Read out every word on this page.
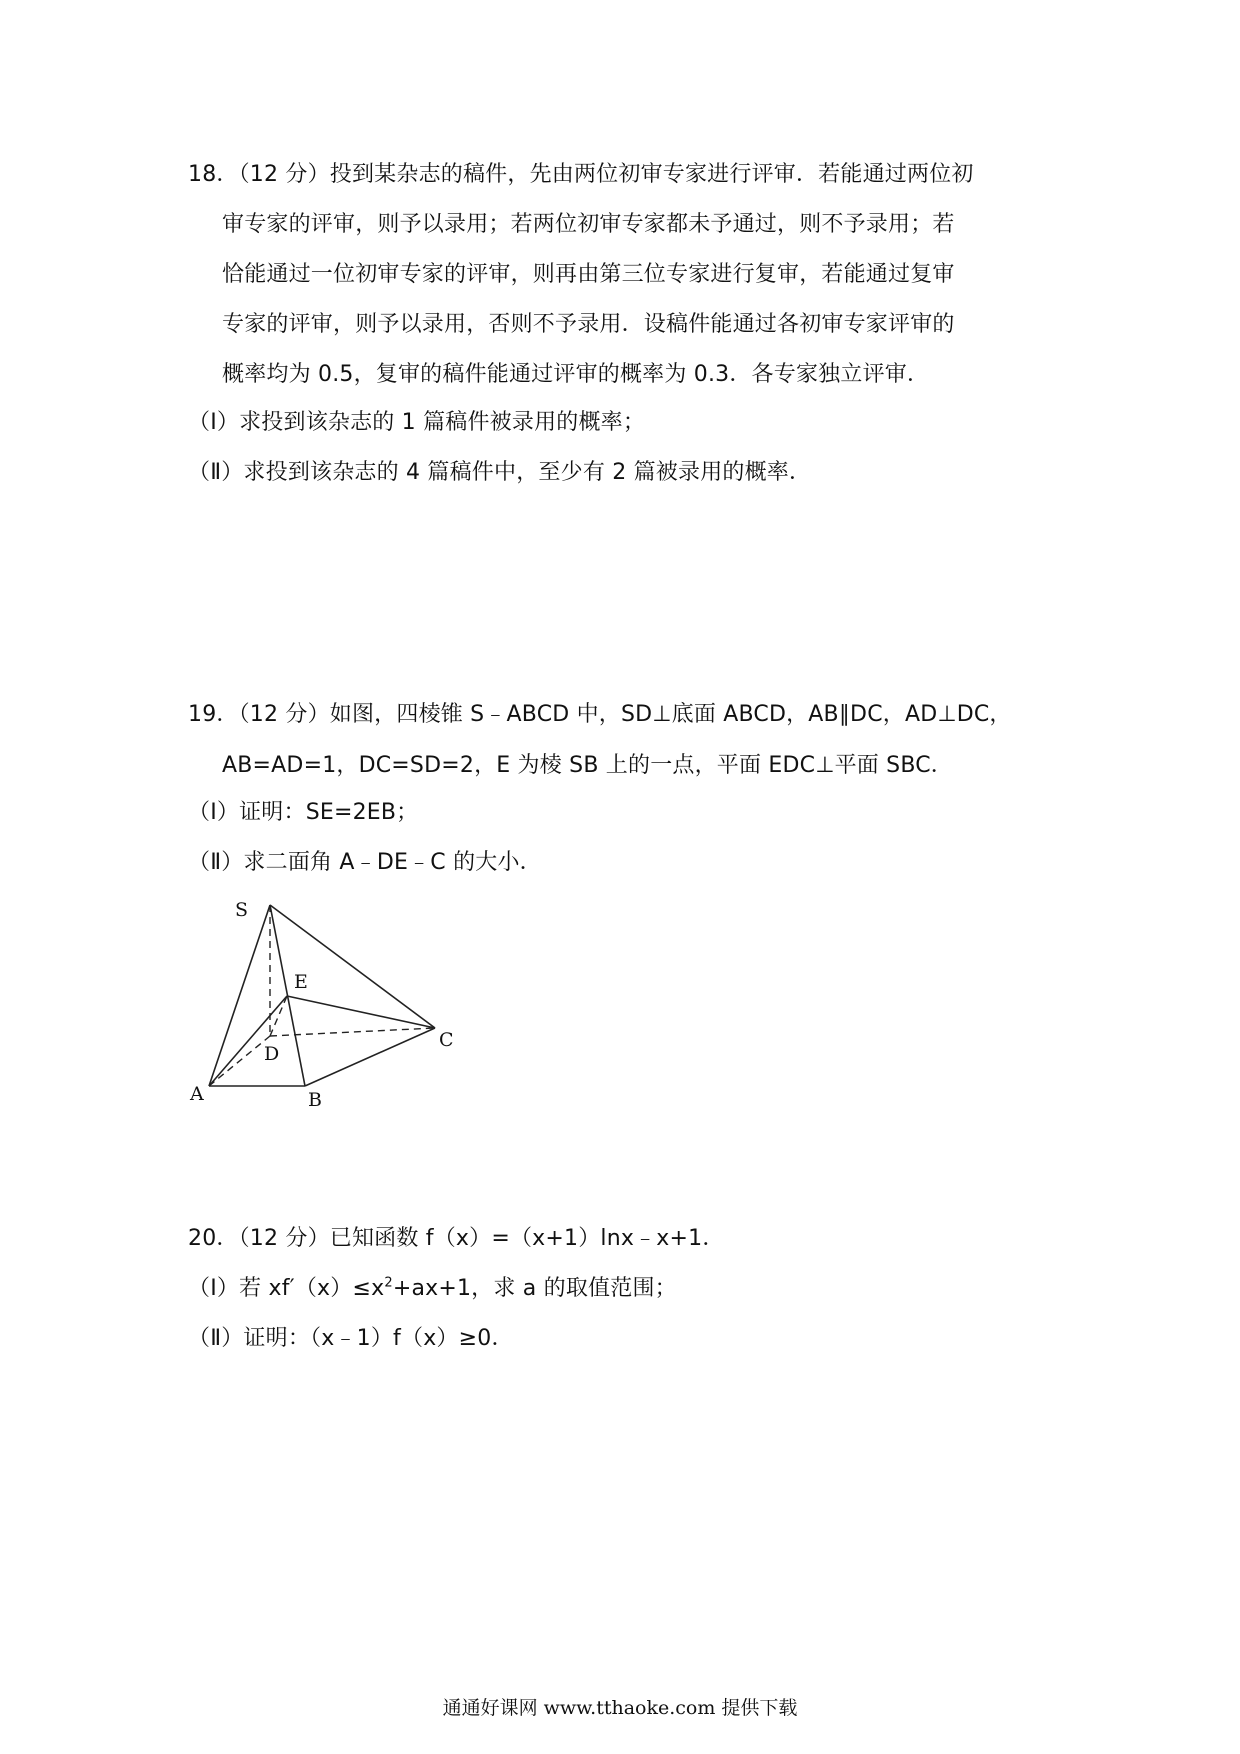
18．（12 分）投到某杂志的稿件，先由两位初审专家进行评审．若能通过两位初
审专家的评审，则予以录用；若两位初审专家都未予通过，则不予录用；若
恰能通过一位初审专家的评审，则再由第三位专家进行复审，若能通过复审
专家的评审，则予以录用，否则不予录用．设稿件能通过各初审专家评审的
概率均为 0.5，复审的稿件能通过评审的概率为 0.3．各专家独立评审．
（Ⅰ）求投到该杂志的 1 篇稿件被录用的概率；
（Ⅱ）求投到该杂志的 4 篇稿件中，至少有 2 篇被录用的概率．
19．（12 分）如图，四棱锥 S﹣ABCD 中，SD⊥底面 ABCD，AB∥DC，AD⊥DC，
AB=AD=1，DC=SD=2，E 为棱 SB 上的一点，平面 EDC⊥平面 SBC．
（Ⅰ）证明：SE=2EB；
（Ⅱ）求二面角 A﹣DE﹣C 的大小．
S
E
D
C
A	B
20．（12 分）已知函数 f（x）=（x+1）lnx﹣x+1．
（Ⅰ）若 $xf'(x)\le x^2+ax+1$，求 a 的取值范围；
（Ⅱ）证明：（x﹣1）f（x）≥0．
通通好课网 www.tthaoke.com 提供下载
